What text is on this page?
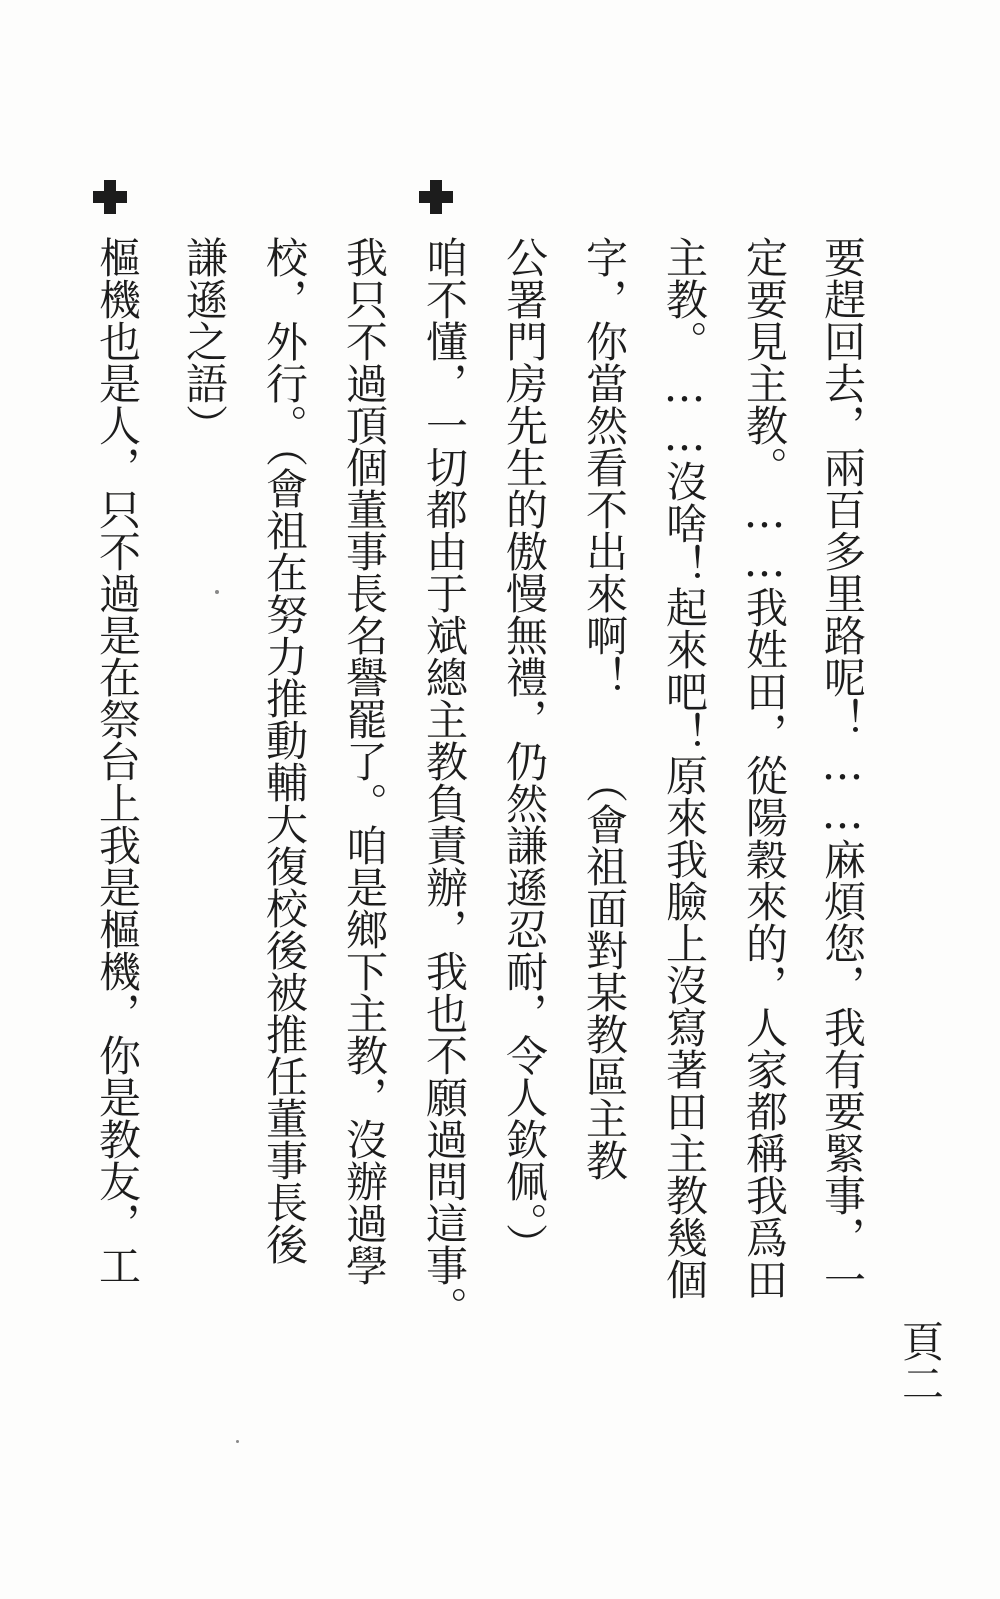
頁二

要趕回去，兩百多里路呢！……麻煩您，我有要緊事，一

定要見主教。……我姓田，從陽穀來的，人家都稱我爲田

主教。……沒啥！起來吧！原來我臉上沒寫著田主教幾個

字，你當然看不出來啊！　　（會祖面對某教區主教

公署門房先生的傲慢無禮，仍然謙遜忍耐，令人欽佩。）

咱不懂，一切都由于斌總主教負責辦，我也不願過問這事。

我只不過頂個董事長名譽罷了。咱是鄉下主教，沒辦過學

校，外行。（會祖在努力推動輔大復校後被推任董事長後

謙遜之語）

樞機也是人，只不過是在祭台上我是樞機，你是教友，工
